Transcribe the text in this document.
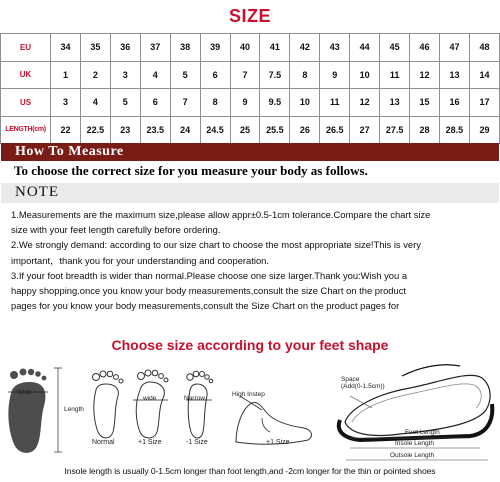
SIZE
EU	34	35	36	37	38	39	40	41	42	43	44	45	46	47	48
UK	1	2	3	4	5	6	7	7.5	8	9	10	11	12	13	14
US	3	4	5	6	7	8	9	9.5	10	11	12	13	15	16	17
LENGTH(cm)	22	22.5	23	23.5	24	24.5	25	25.5	26	26.5	27	27.5	28	28.5	29
How To Measure
To choose the correct size for you measure your body as follows.
NOTE
1.Measurements are the maximum size,please allow appr±0.5-1cm tolerance.Compare the chart size
size with your feet length carefully before ordering.
2.We strongly demand: according to our size chart to choose the most appropriate size!This is very
important，thank you for your understanding and cooperation.
3.If your foot breadth is wider than normal.Please choose one size larger.Thank you:Wish you a
happy shopping.once you know your body measurements,consult the size Chart on the product
pages for you know your body measurements,consult the Size Chart on the product pages for
Choose size according to your feet shape
Wide
Length
wide	Narrow
Normal	+1 Size	-1 Size
High Instep
+1 Size
Space
(Add(0-1.5cm))
Foot Length
Insole Length
Outsole Length
Insole length is usually 0-1.5cm longer than foot length,and -2cm longer for the thin or pointed shoes
